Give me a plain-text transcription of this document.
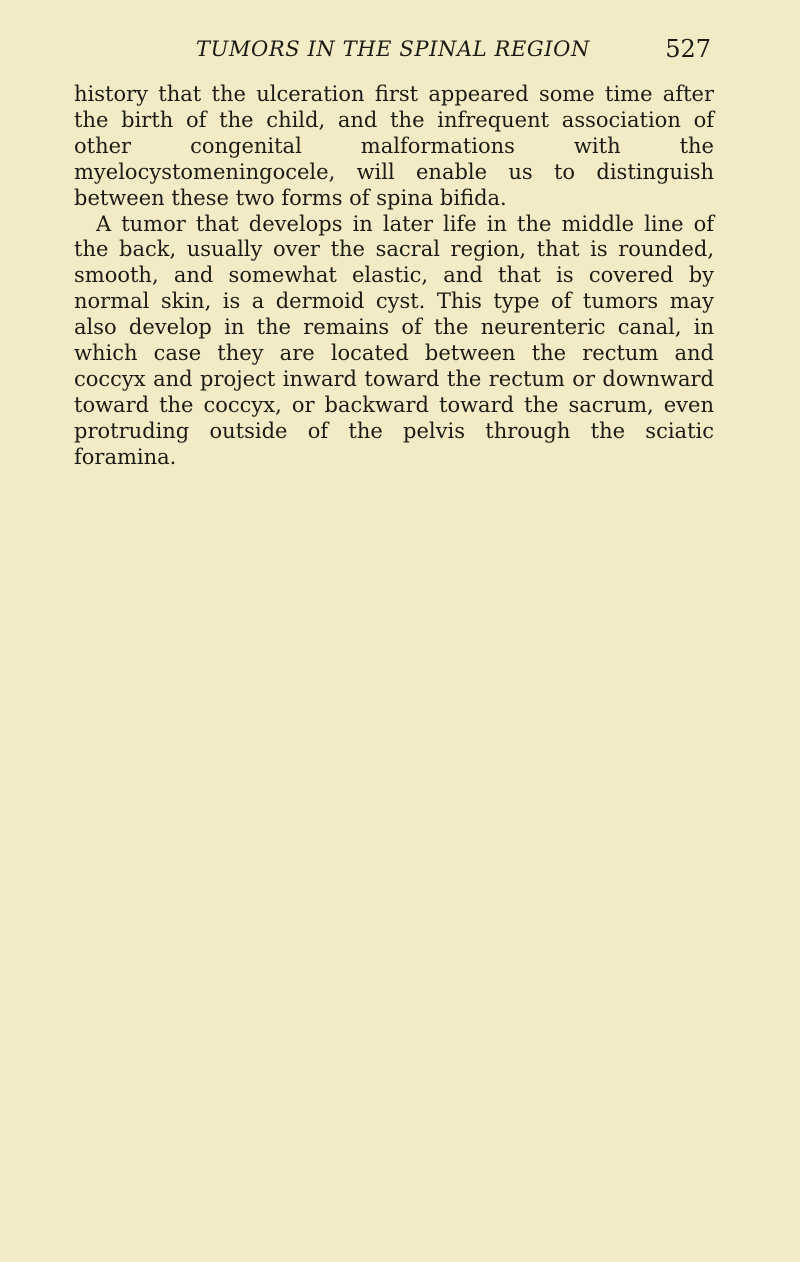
TUMORS IN THE SPINAL REGION	527

history that the ulceration first appeared some time after the birth of the child, and the infrequent association of other congenital malformations with the myelocystomeningocele, will enable us to distinguish between these two forms of spina bifida.

A tumor that develops in later life in the middle line of the back, usually over the sacral region, that is rounded, smooth, and somewhat elastic, and that is covered by normal skin, is a dermoid cyst. This type of tumors may also develop in the remains of the neurenteric canal, in which case they are located between the rectum and coccyx and project inward toward the rectum or downward toward the coccyx, or backward toward the sacrum, even protruding outside of the pelvis through the sciatic foramina.
